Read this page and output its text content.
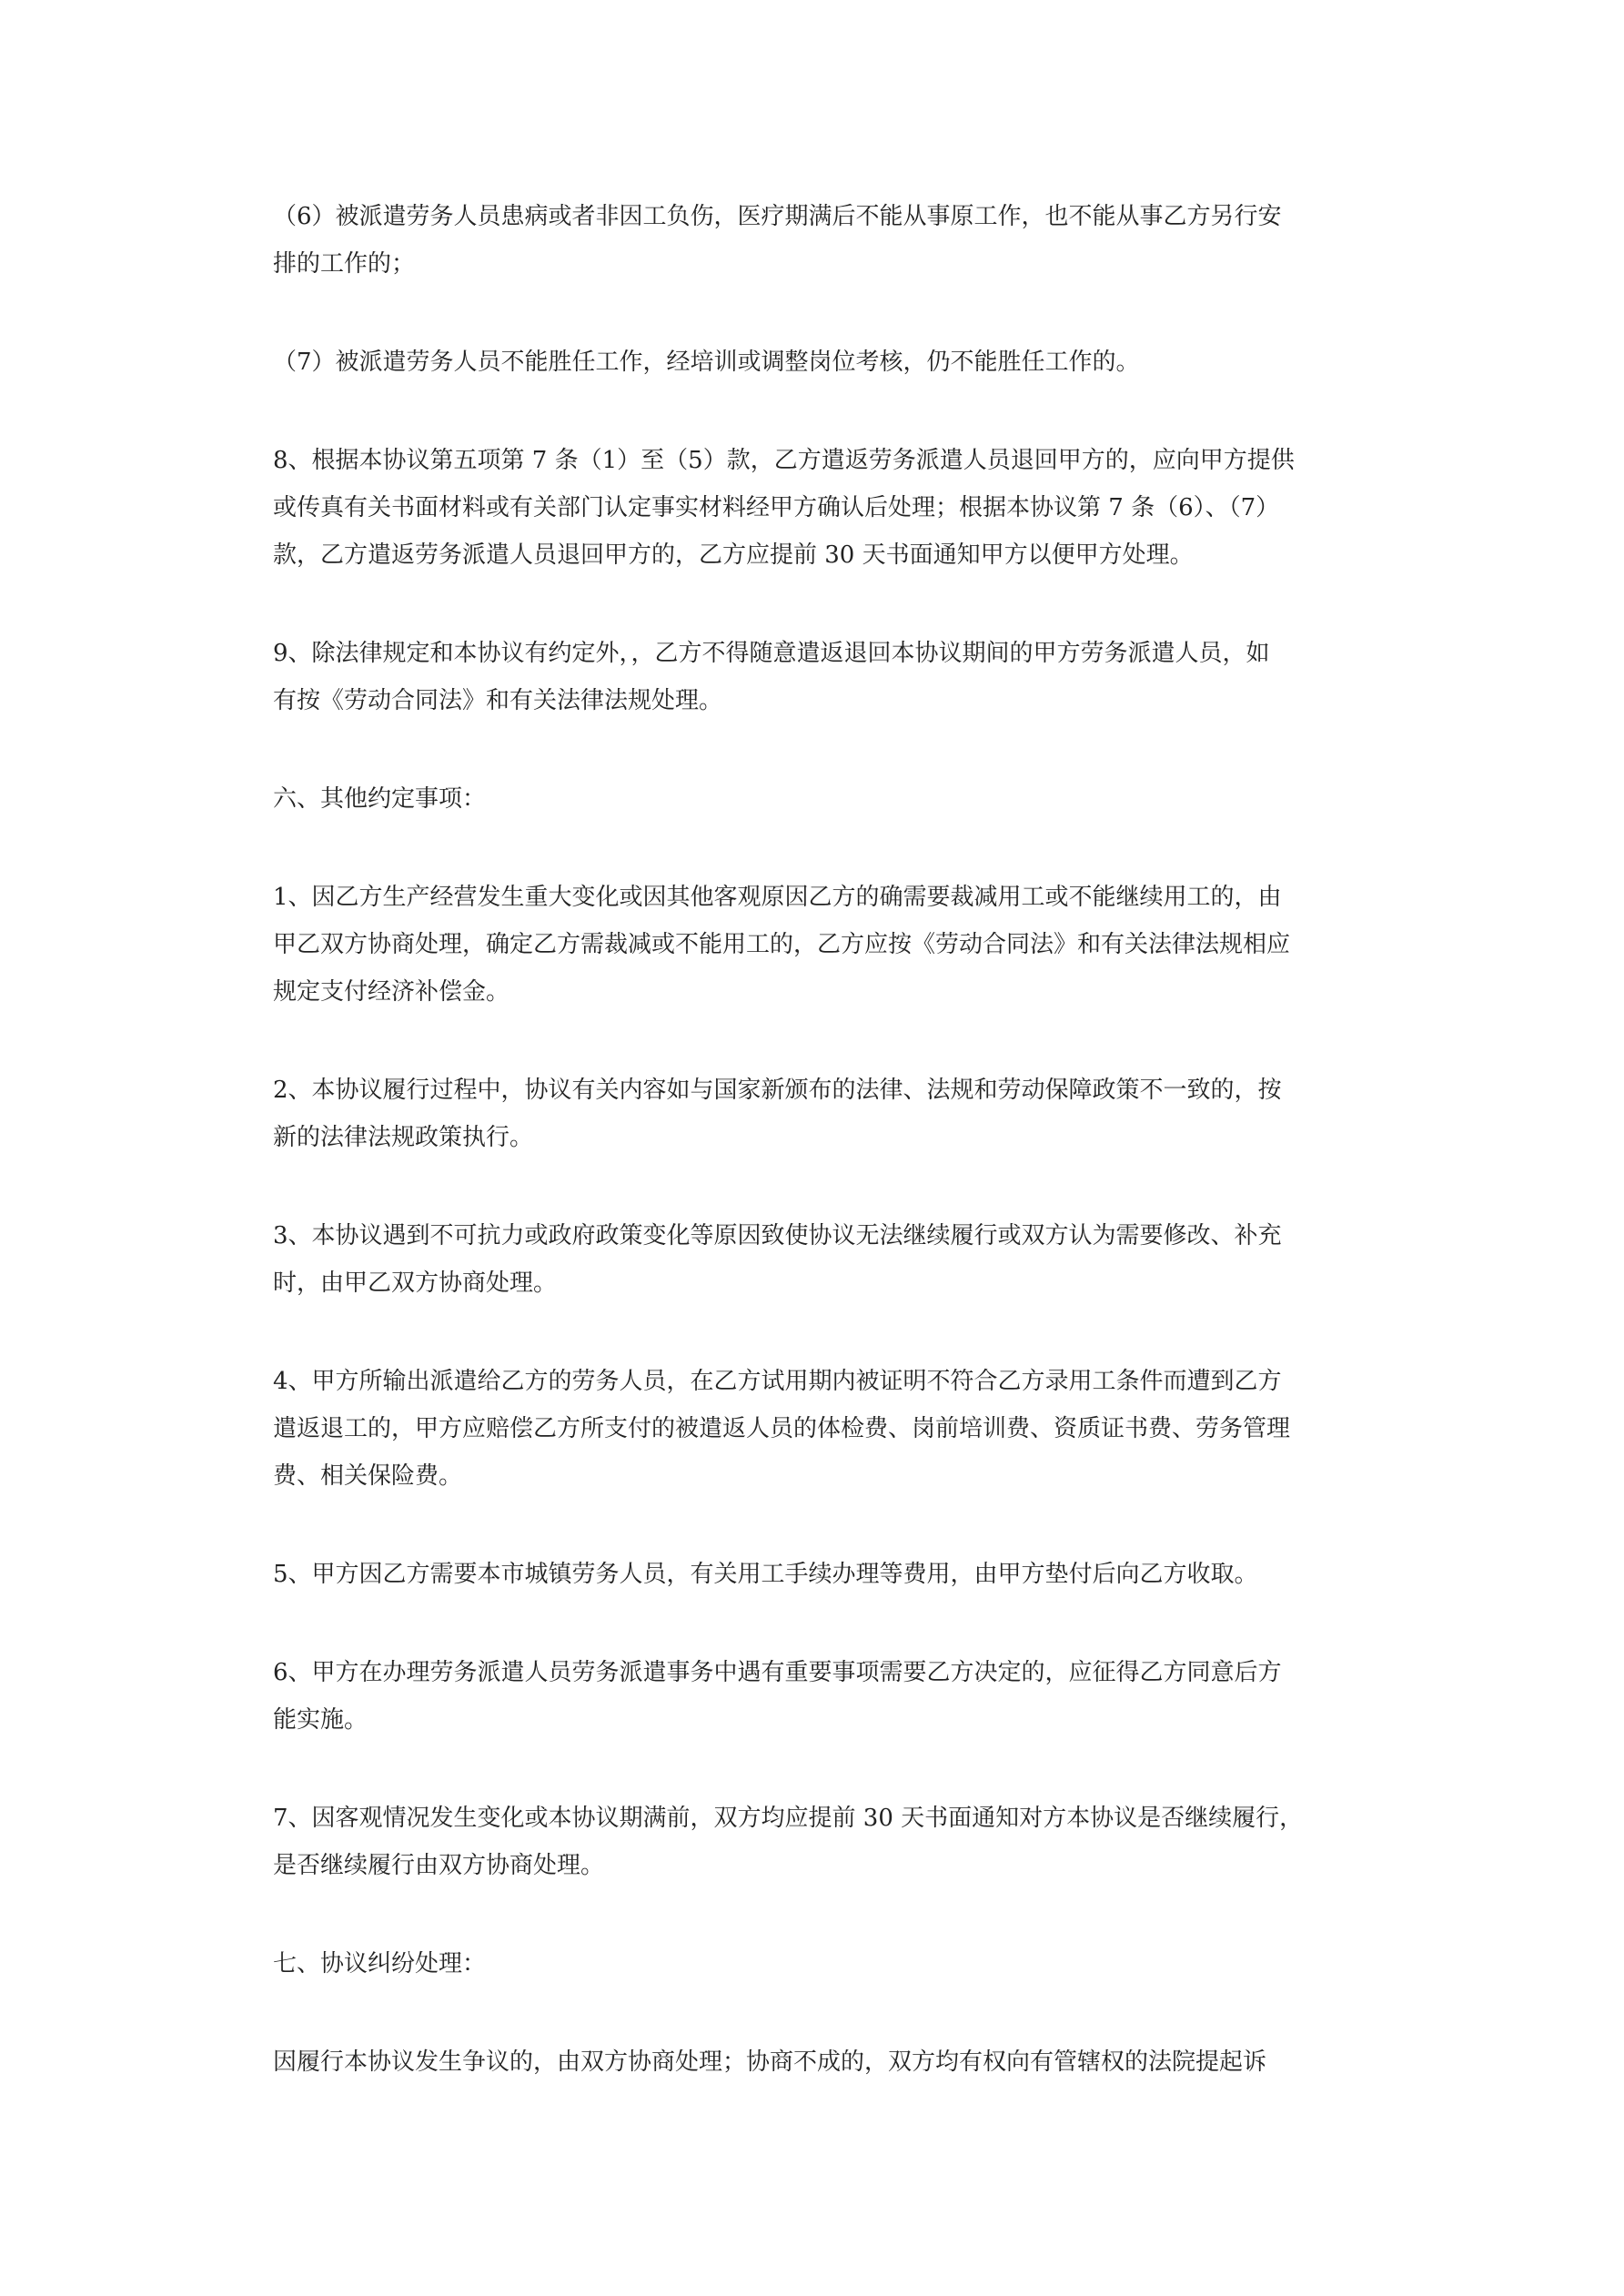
（6）被派遣劳务人员患病或者非因工负伤，医疗期满后不能从事原工作，也不能从事乙方另行安
排的工作的；
（7）被派遣劳务人员不能胜任工作，经培训或调整岗位考核，仍不能胜任工作的。
8、根据本协议第五项第 7 条（1）至（5）款，乙方遣返劳务派遣人员退回甲方的，应向甲方提供
或传真有关书面材料或有关部门认定事实材料经甲方确认后处理；根据本协议第 7 条（6）、（7）
款，乙方遣返劳务派遣人员退回甲方的，乙方应提前 30 天书面通知甲方以便甲方处理。
9、除法律规定和本协议有约定外，，乙方不得随意遣返退回本协议期间的甲方劳务派遣人员，如
有按《劳动合同法》和有关法律法规处理。
六、其他约定事项：
1、因乙方生产经营发生重大变化或因其他客观原因乙方的确需要裁减用工或不能继续用工的，由
甲乙双方协商处理，确定乙方需裁减或不能用工的，乙方应按《劳动合同法》和有关法律法规相应
规定支付经济补偿金。
2、本协议履行过程中，协议有关内容如与国家新颁布的法律、法规和劳动保障政策不一致的，按
新的法律法规政策执行。
3、本协议遇到不可抗力或政府政策变化等原因致使协议无法继续履行或双方认为需要修改、补充
时，由甲乙双方协商处理。
4、甲方所输出派遣给乙方的劳务人员，在乙方试用期内被证明不符合乙方录用工条件而遭到乙方
遣返退工的，甲方应赔偿乙方所支付的被遣返人员的体检费、岗前培训费、资质证书费、劳务管理
费、相关保险费。
5、甲方因乙方需要本市城镇劳务人员，有关用工手续办理等费用，由甲方垫付后向乙方收取。
6、甲方在办理劳务派遣人员劳务派遣事务中遇有重要事项需要乙方决定的，应征得乙方同意后方
能实施。
7、因客观情况发生变化或本协议期满前，双方均应提前 30 天书面通知对方本协议是否继续履行，
是否继续履行由双方协商处理。
七、协议纠纷处理：
因履行本协议发生争议的，由双方协商处理；协商不成的，双方均有权向有管辖权的法院提起诉
